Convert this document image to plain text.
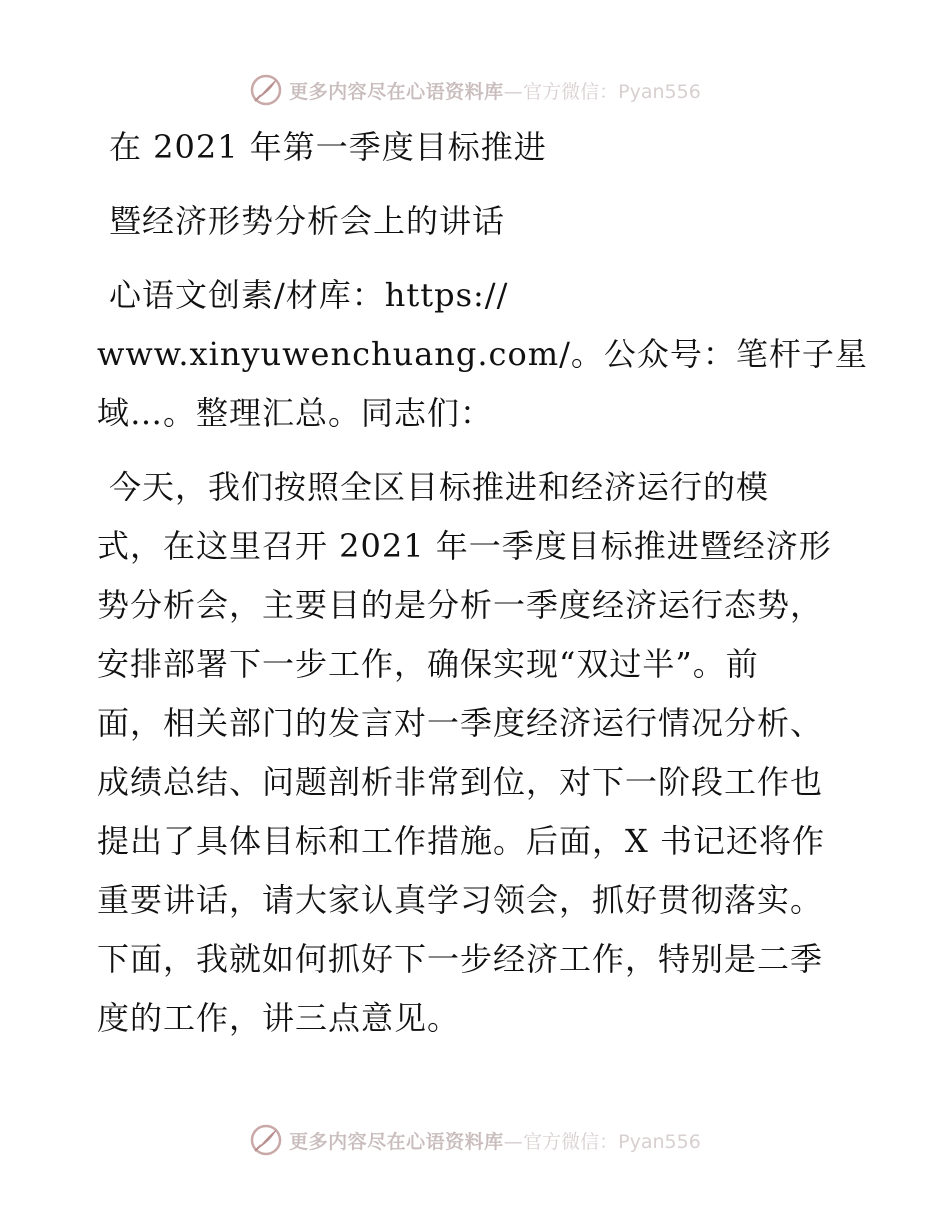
更多内容尽在心语资料库—官方微信：Pyan556
在 2021 年第一季度目标推进
暨经济形势分析会上的讲话
心语文创素/材库：https://
www.xinyuwenchuang.com/。公众号：笔杆子星
域…。整理汇总。同志们：
今天，我们按照全区目标推进和经济运行的模
式，在这里召开 2021 年一季度目标推进暨经济形
势分析会，主要目的是分析一季度经济运行态势，
安排部署下一步工作，确保实现“双过半”。前
面，相关部门的发言对一季度经济运行情况分析、
成绩总结、问题剖析非常到位，对下一阶段工作也
提出了具体目标和工作措施。后面，X 书记还将作
重要讲话，请大家认真学习领会，抓好贯彻落实。
下面，我就如何抓好下一步经济工作，特别是二季
度的工作，讲三点意见。
更多内容尽在心语资料库—官方微信：Pyan556
